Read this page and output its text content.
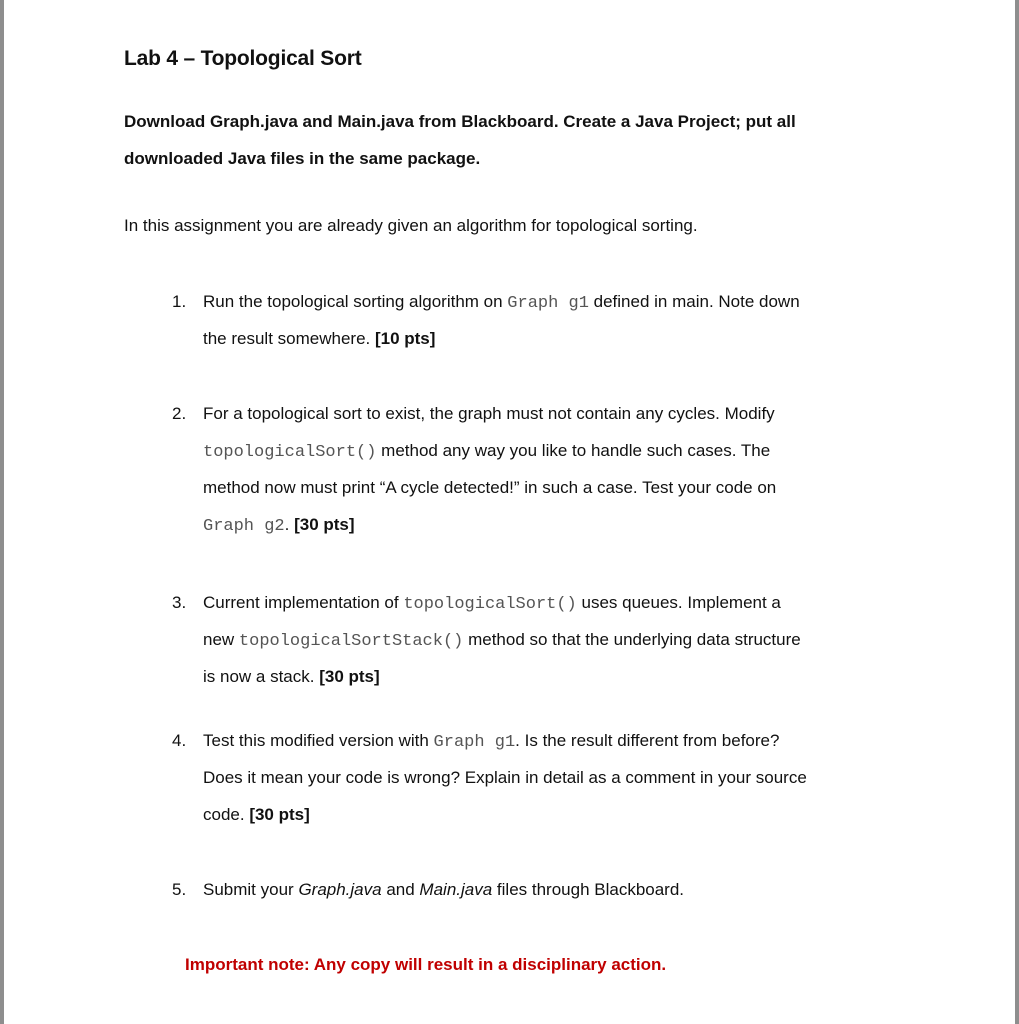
Lab 4 – Topological Sort
Download Graph.java and Main.java from Blackboard. Create a Java Project; put all
downloaded Java files in the same package.
In this assignment you are already given an algorithm for topological sorting.
1. Run the topological sorting algorithm on Graph g1 defined in main. Note down
the result somewhere. [10 pts]
2. For a topological sort to exist, the graph must not contain any cycles. Modify
topologicalSort() method any way you like to handle such cases. The
method now must print “A cycle detected!” in such a case. Test your code on
Graph g2. [30 pts]
3. Current implementation of topologicalSort() uses queues. Implement a
new topologicalSortStack() method so that the underlying data structure
is now a stack. [30 pts]
4. Test this modified version with Graph g1. Is the result different from before?
Does it mean your code is wrong? Explain in detail as a comment in your source
code. [30 pts]
5. Submit your Graph.java and Main.java files through Blackboard.
Important note: Any copy will result in a disciplinary action.
